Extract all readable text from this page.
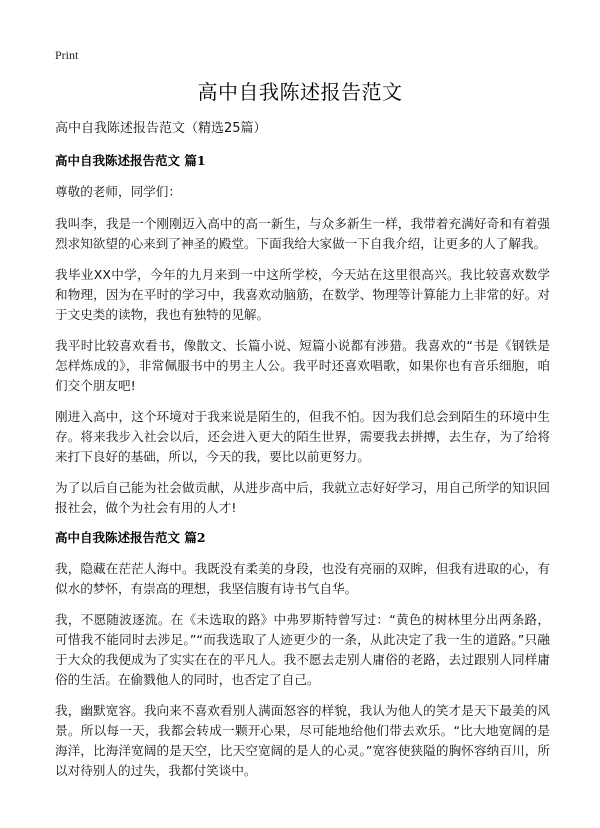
Print
高中自我陈述报告范文
高中自我陈述报告范文（精选25篇）
高中自我陈述报告范文 篇1

尊敬的老师，同学们：

我叫李，我是一个刚刚迈入高中的高一新生，与众多新生一样，我带着充满好奇和有着强烈求知欲望的心来到了神圣的殿堂。下面我给大家做一下自我介绍，让更多的人了解我。

我毕业XX中学，今年的九月来到一中这所学校，今天站在这里很高兴。我比较喜欢数学和物理，因为在平时的学习中，我喜欢动脑筋，在数学、物理等计算能力上非常的好。对于文史类的读物，我也有独特的见解。

我平时比较喜欢看书，像散文、长篇小说、短篇小说都有涉猎。我喜欢的“书是《钢铁是怎样炼成的》，非常佩服书中的男主人公。我平时还喜欢唱歌，如果你也有音乐细胞，咱们交个朋友吧!

刚进入高中，这个环境对于我来说是陌生的，但我不怕。因为我们总会到陌生的环境中生存。将来我步入社会以后，还会进入更大的陌生世界，需要我去拼搏，去生存，为了给将来打下良好的基础，所以，今天的我，要比以前更努力。

为了以后自己能为社会做贡献，从进步高中后，我就立志好好学习，用自己所学的知识回报社会，做个为社会有用的人才!

高中自我陈述报告范文 篇2

我，隐藏在茫茫人海中。我既没有柔美的身段，也没有亮丽的双眸，但我有进取的心，有似水的梦怀，有崇高的理想，我坚信腹有诗书气自华。

我，不愿随波逐流。在《未选取的路》中弗罗斯特曾写过：“黄色的树林里分出两条路，可惜我不能同时去涉足。”“而我选取了人迹更少的一条，从此决定了我一生的道路。”只融于大众的我便成为了实实在在的平凡人。我不愿去走别人庸俗的老路，去过跟别人同样庸俗的生活。在偷戮他人的同时，也否定了自己。

我，幽默宽容。我向来不喜欢看别人满面怒容的样貌，我认为他人的笑才是天下最美的风景。所以每一天，我都会转成一颗开心果，尽可能地给他们带去欢乐。“比大地宽阔的是海洋，比海洋宽阔的是天空，比天空宽阔的是人的心灵。”宽容使狭隘的胸怀容纳百川，所以对待别人的过失，我都付笑谈中。
